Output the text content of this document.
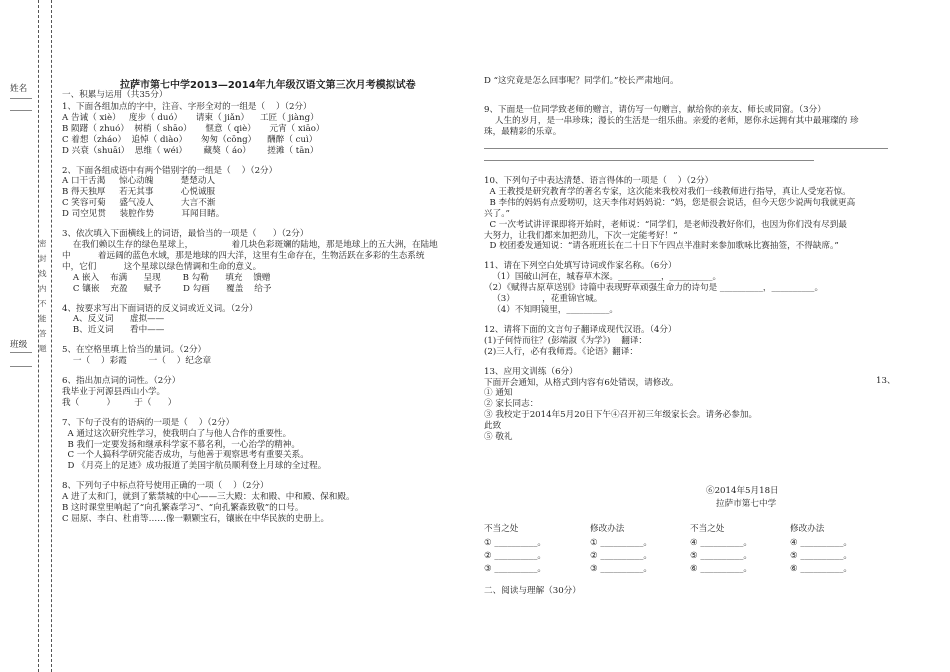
姓名
班级
密
封
线
内
不
能
答
题
拉萨市第七中学2013—2014年九年级汉语文第三次月考模拟试卷
一、积累与运用（共35分）
1、下面各组加点的字中，注音、字形全对的一组是（    ）（2分）
A 告诫（ xiè）   度步（ duó）     请柬（ jiǎn）    工匠（ jiàng）
B 陨躇（ zhuó）  树梢（ shāo）     惬意（ qiè）     元宵（ xiāo）
C 着想（zháo）  追悼（ diào）     匆匆（cōng）    酬醉（ cuì）
D 兴衰（shuāi）  思维（ wéi）      藏獒（ áo）      搓滩（ tān）
2、下面各组成语中有两个错别字的一组是（    ）（2分）
A 口干舌渴     惊心动魄          楚楚动人
B 得天独厚     若无其事          心悦诚服
C 笑容可菊     盛气凌人          大言不渐
D 司空见贯     装腔作势          耳闻目睹。
3、依次填入下面横线上的词语，最恰当的一项是（      ）（2分）
在我们赖以生存的绿色星球上，              着几块色彩斑斓的陆地，那是地球上的五大洲，在陆地
中          着远阔的蓝色水域，那是地球的四大洋，这里有生命存在，生物活跃在多彩的生态系统
中，它们          这个星球以绿色情调和生命的意义。
A 嵌入    布满      呈现        B 勾勒      填充    馈赠
C 镶嵌    充盈      赋予        D 勾画      覆盖    给予
4、按要求写出下面词语的反义词或近义词。（2分）
A、反义词      虚拟——
B、近义词      看中——
5、在空格里填上恰当的量词。（2分）
一（    ）彩霞        一（    ）纪念章
6、指出加点词的词性。（2分）
我毕业于河源县西山小学。
我（          ）       于（      ）
7、下句子没有的语病的一项是（    ）（2分）
A 通过这次研究性学习，使我明白了与他人合作的重要性。
B 我们一定要发扬和继承科学家不慕名利，一心治学的精神。
C 一个人搞科学研究能否成功，与他善于观察思考有重要关系。
D 《月亮上的足迹》成功报道了美国宇航员顺利登上月球的全过程。
8、下列句子中标点符号使用正确的一项（    ）（2分）
A 进了太和门，就到了紫禁城的中心——三大殿：太和殿、中和殿、保和殿。
B 这时课堂里响起了“向孔繁森学习”、“向孔繁森致敬”的口号。
C 屈原、李白、杜甫等……像一颗颗宝石，镶嵌在中华民族的史册上。
D “这究竟是怎么回事呢？同学们。”校长严肃地问。
9、下面是一位同学致老师的赠言，请仿写一句赠言，献给你的亲友、师长或同窗。（3分）
人生的岁月，是一串珍珠；漫长的生活是一组乐曲。亲爱的老师，愿你永远拥有其中最璀璨的 珍
珠，最精彩的乐章。
10、下列句子中表达清楚、语言得体的一项是（    ）（2分）
A 王教授是研究教育学的著名专家，这次能来我校对我们一线教师进行指导，真让人受宠若惊。
B 李伟的妈妈有点爱唠叨，这天李伟对妈妈说：“妈，您是很会说话，但今天您少说两句我就更高
兴了。”
C 一次考试讲评课即将开始时，老师说：“同学们，是老师没教好你们，也因为你们没有尽到最
大努力，让我们都来加把劲儿，下次一定能考好！”
D 校团委发通知说：“请各班班长在二十日下午四点半准时来参加歌咏比赛抽签，不得缺席。”
11、请在下列空白处填写诗词或作家名称。（6分）
（1）国破山河在，城春草木深。__________，__________。
（2）《赋得古原草送别》诗篇中表现野草顽强生命力的诗句是 __________，__________。
（3）          ，花重锦官城。
（4）不知明镜里，__________。
12、请将下面的文言句子翻译成现代汉语。（4分）
(1)子何恃而往？(彭端淑《为学》)    翻译：
(2)三人行，必有我师焉。《论语》翻译：
13、应用文训练（6分）
下面开会通知，从格式到内容有6处错误，请修改。
① 通知
② 家长同志：
③ 我校定于2014年5月20日下午④召开初三年级家长会。请务必参加。
此致
⑤ 敬礼
13、
⑥2014年5月18日
拉萨市第七中学
不当之处	修改办法	不当之处	修改办法
① __________。	① __________。	④ __________。	④ __________。
② __________。	② __________。	⑤ __________。	⑤ __________。
③ __________。	③ __________。	⑥ __________。	⑥ __________。
二、阅读与理解（30分）
